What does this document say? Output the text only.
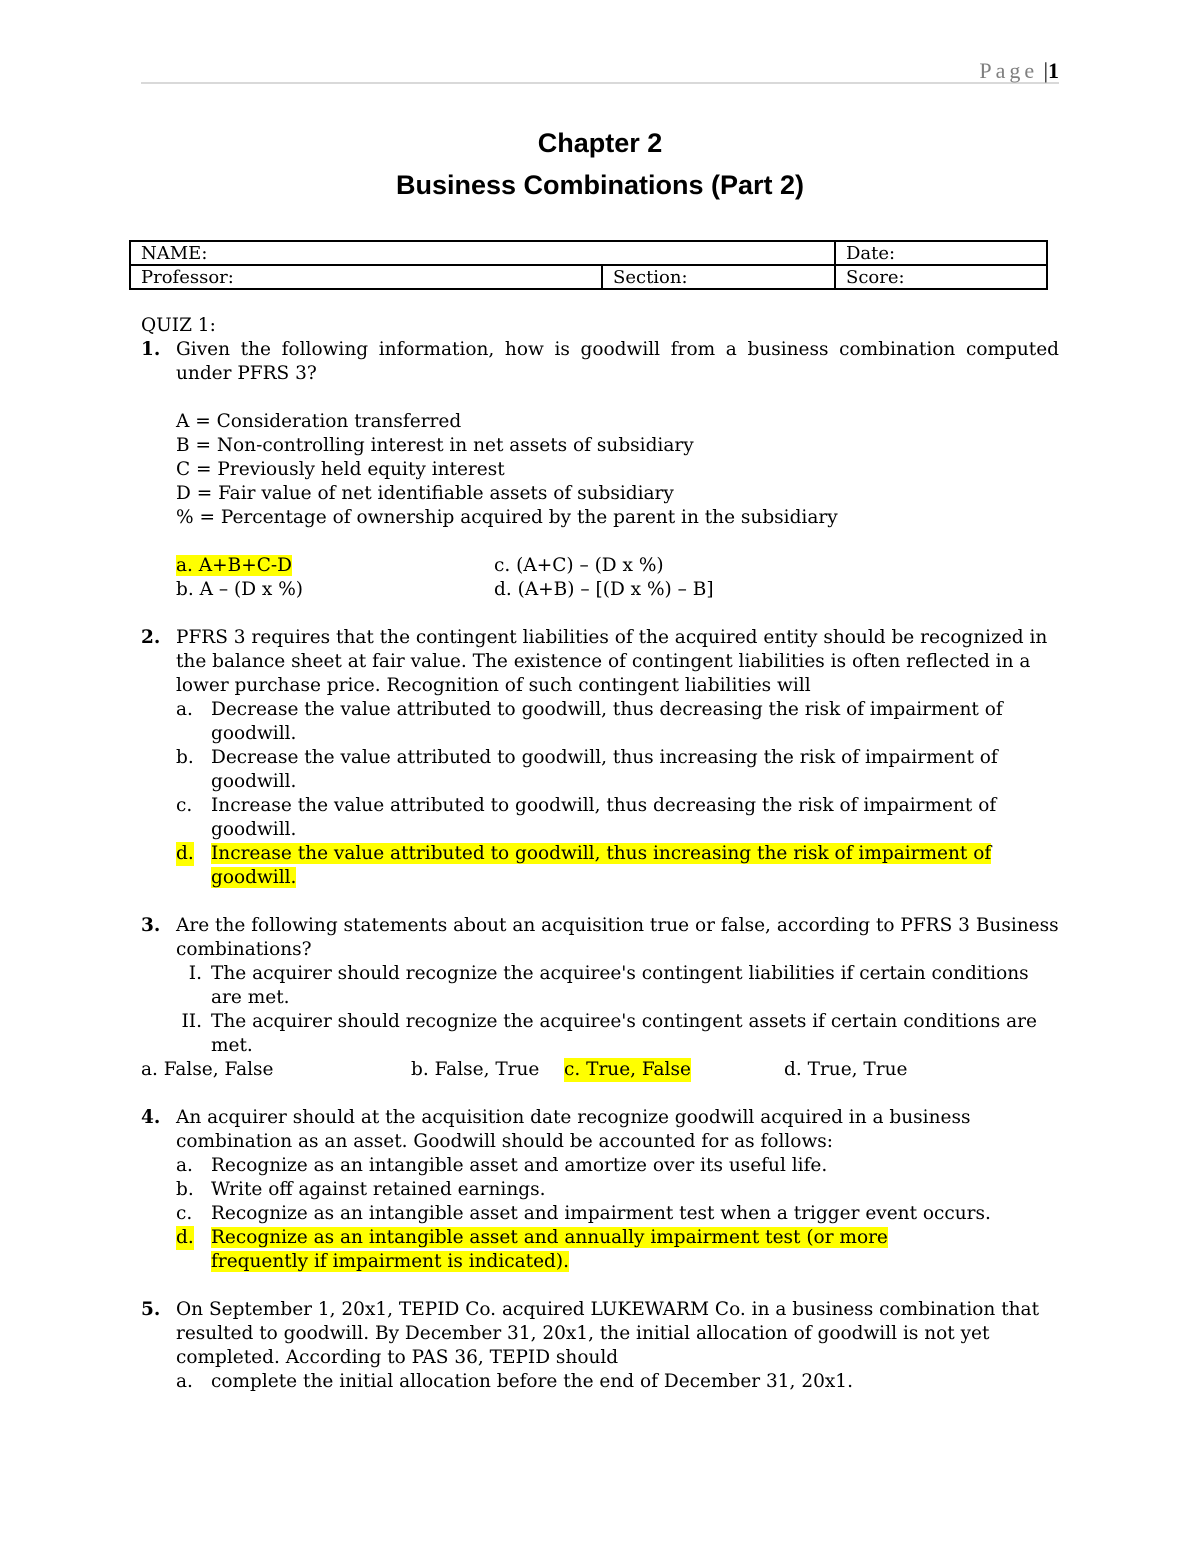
Page |1
Chapter 2
Business Combinations (Part 2)
NAME:		Date:
Professor:	Section:	Score:

QUIZ 1:

1. Given the following information, how is goodwill from a business combination computed under PFRS 3?

A = Consideration transferred

B = Non-controlling interest in net assets of subsidiary

C = Previously held equity interest

D = Fair value of net identifiable assets of subsidiary

% = Percentage of ownership acquired by the parent in the subsidiary

a. A+B+C-D

b. A – (D x %)

c. (A+C) – (D x %)

d. (A+B) – [(D x %) – B]

2. PFRS 3 requires that the contingent liabilities of the acquired entity should be recognized in the balance sheet at fair value. The existence of contingent liabilities is often reflected in a lower purchase price. Recognition of such contingent liabilities will

a. Decrease the value attributed to goodwill, thus decreasing the risk of impairment of goodwill.

b. Decrease the value attributed to goodwill, thus increasing the risk of impairment of goodwill.

c. Increase the value attributed to goodwill, thus decreasing the risk of impairment of goodwill.

d. Increase the value attributed to goodwill, thus increasing the risk of impairment of goodwill.

3. Are the following statements about an acquisition true or false, according to PFRS 3 Business combinations?

I. The acquirer should recognize the acquiree's contingent liabilities if certain conditions are met.

II. The acquirer should recognize the acquiree's contingent assets if certain conditions are met.

a. False, False	b. False, True	c. True, False	d. True, True
4. An acquirer should at the acquisition date recognize goodwill acquired in a business combination as an asset. Goodwill should be accounted for as follows:

a. Recognize as an intangible asset and amortize over its useful life.

b. Write off against retained earnings.

c. Recognize as an intangible asset and impairment test when a trigger event occurs.

d. Recognize as an intangible asset and annually impairment test (or more frequently if impairment is indicated).

5. On September 1, 20x1, TEPID Co. acquired LUKEWARM Co. in a business combination that resulted to goodwill. By December 31, 20x1, the initial allocation of goodwill is not yet completed. According to PAS 36, TEPID should

a. complete the initial allocation before the end of December 31, 20x1.
